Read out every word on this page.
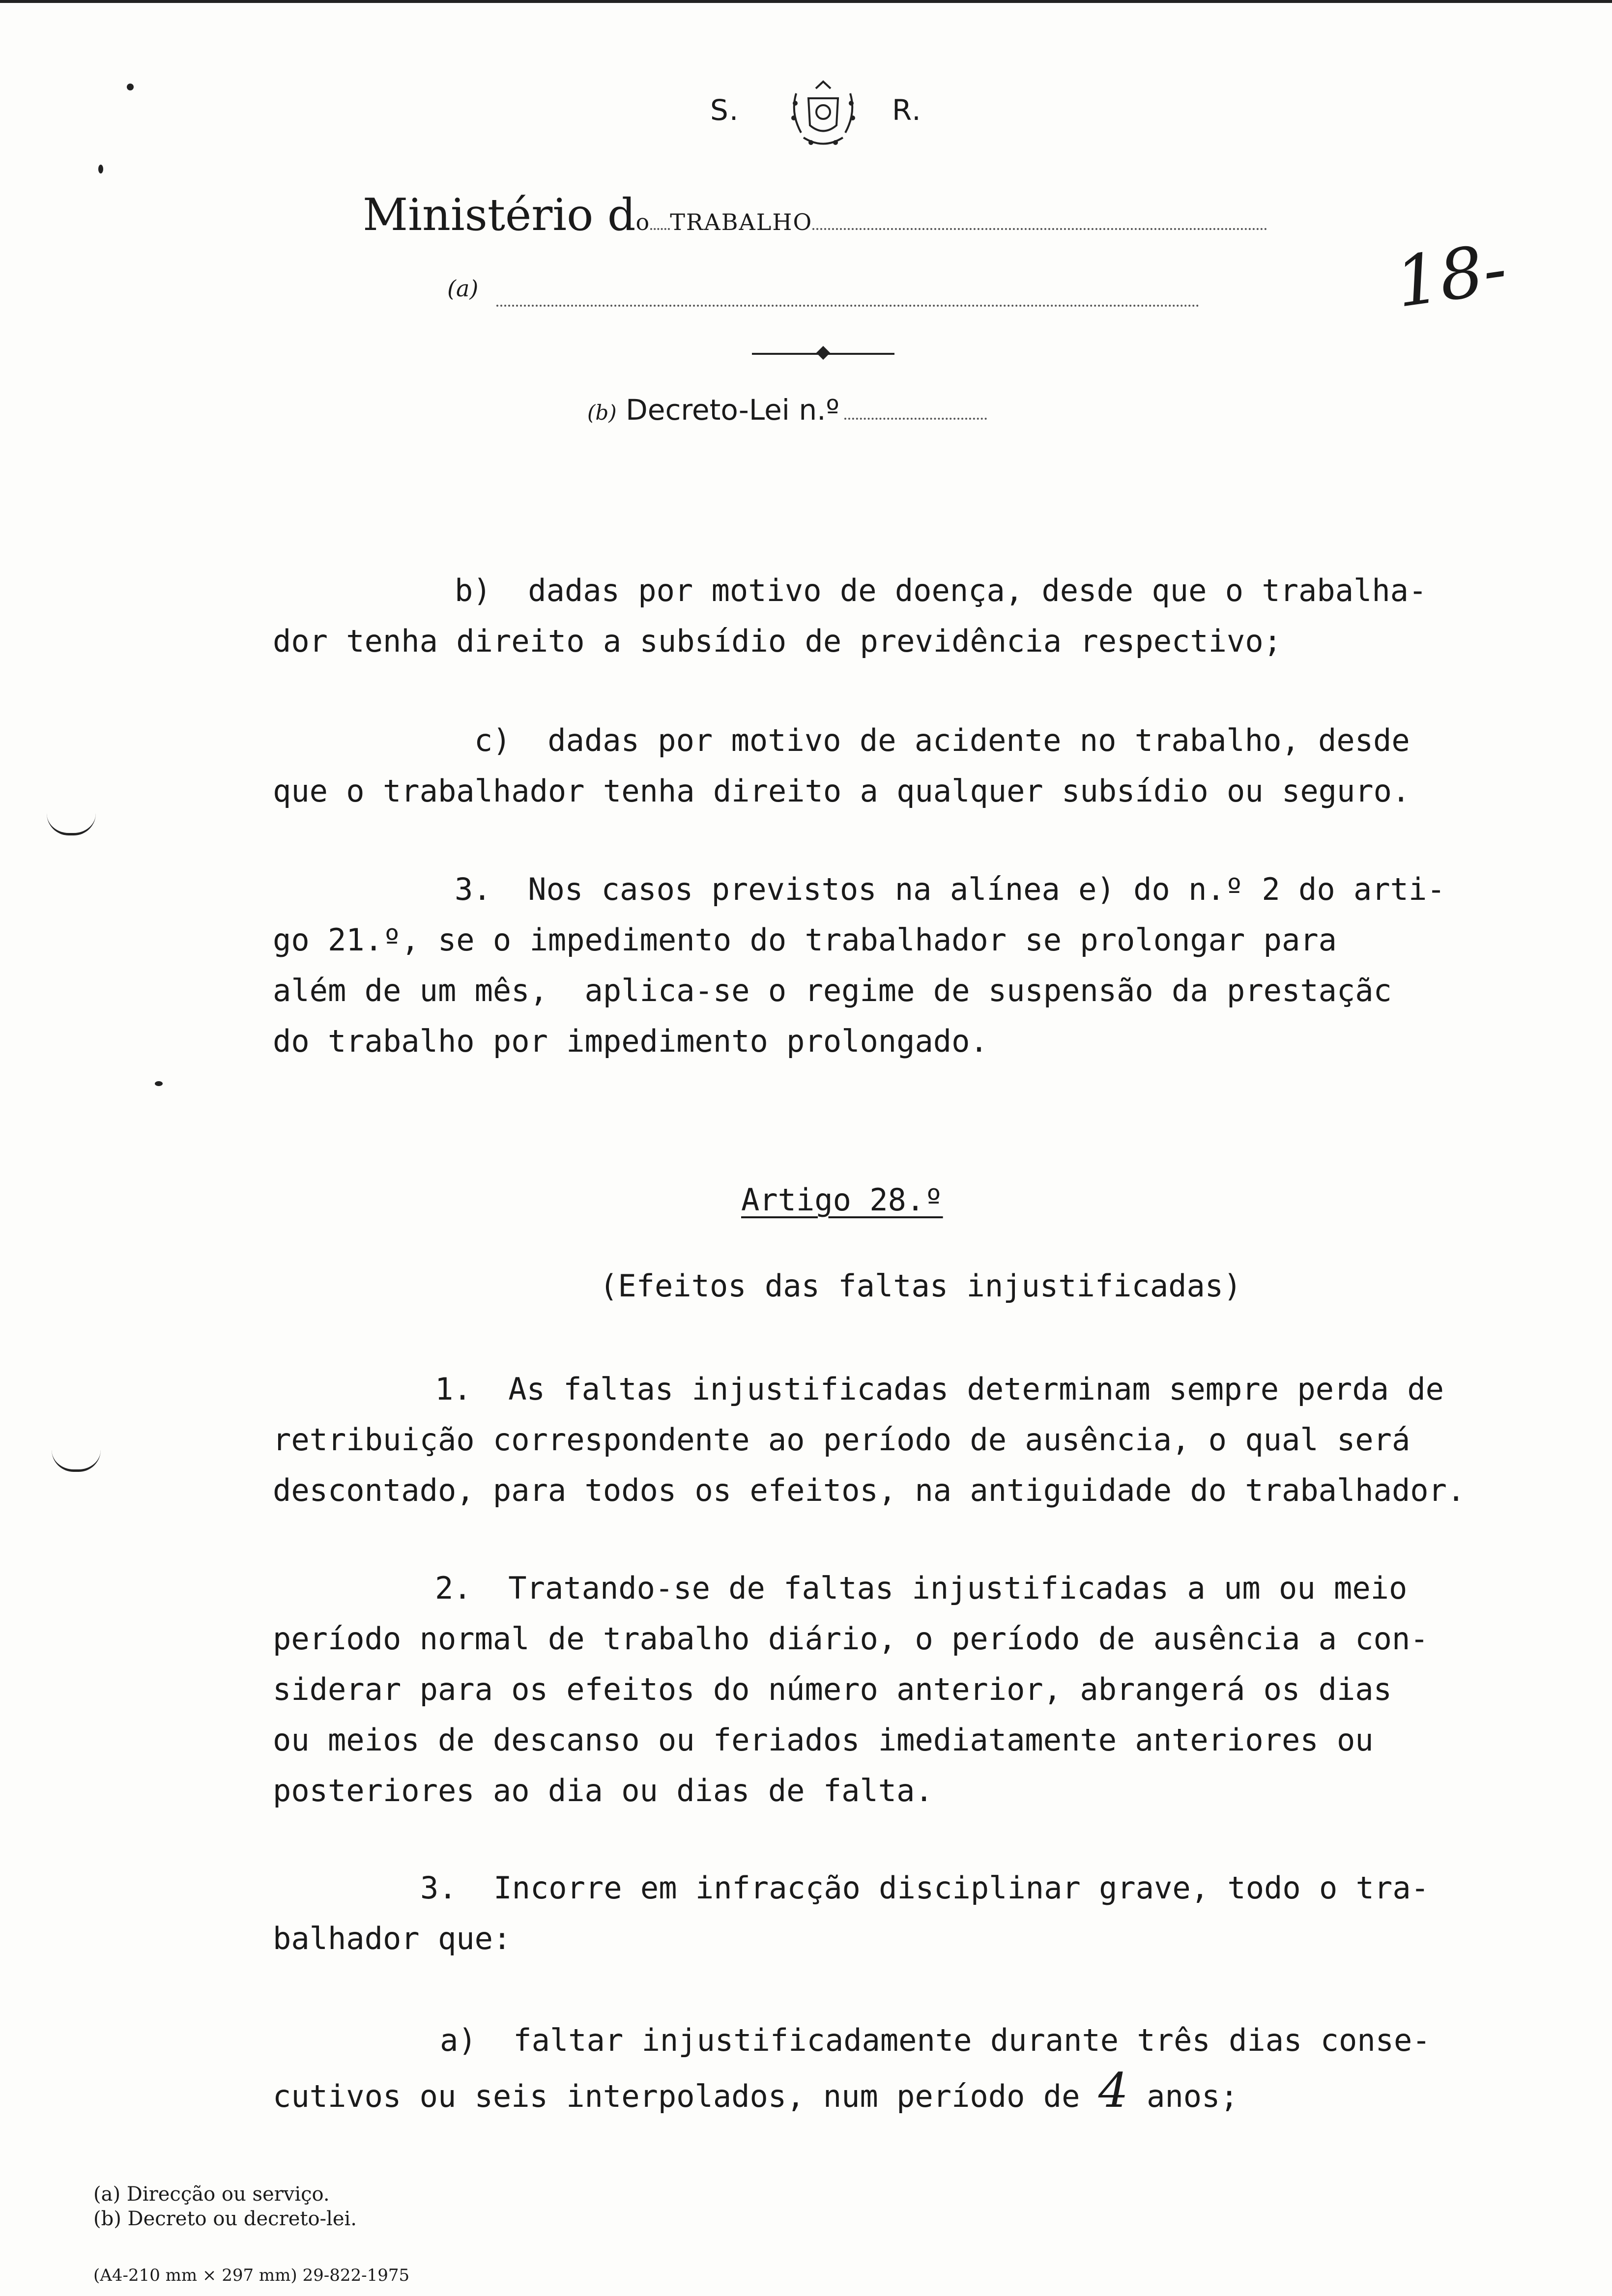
S.	R.
Ministério do TRABALHO
(a)	18-
(b) Decreto-Lei n.º
b)  dadas por motivo de doença, desde que o trabalha-
dor tenha direito a subsídio de previdência respectivo;
c)  dadas por motivo de acidente no trabalho, desde
que o trabalhador tenha direito a qualquer subsídio ou seguro.
3.  Nos casos previstos na alínea e) do n.º 2 do arti-
go 21.º, se o impedimento do trabalhador se prolongar para
além de um mês,  aplica-se o regime de suspensão da prestaçãc
do trabalho por impedimento prolongado.
Artigo 28.º
(Efeitos das faltas injustificadas)
1.  As faltas injustificadas determinam sempre perda de
retribuição correspondente ao período de ausência, o qual será
descontado, para todos os efeitos, na antiguidade do trabalhador.
2.  Tratando-se de faltas injustificadas a um ou meio
período normal de trabalho diário, o período de ausência a con-
siderar para os efeitos do número anterior, abrangerá os dias
ou meios de descanso ou feriados imediatamente anteriores ou
posteriores ao dia ou dias de falta.
3.  Incorre em infracção disciplinar grave, todo o tra-
balhador que:
a)  faltar injustificadamente durante três dias conse-
cutivos ou seis interpolados, num período de 4 anos;
(a) Direcção ou serviço.
(b) Decreto ou decreto-lei.
(A4-210 mm × 297 mm) 29-822-1975
